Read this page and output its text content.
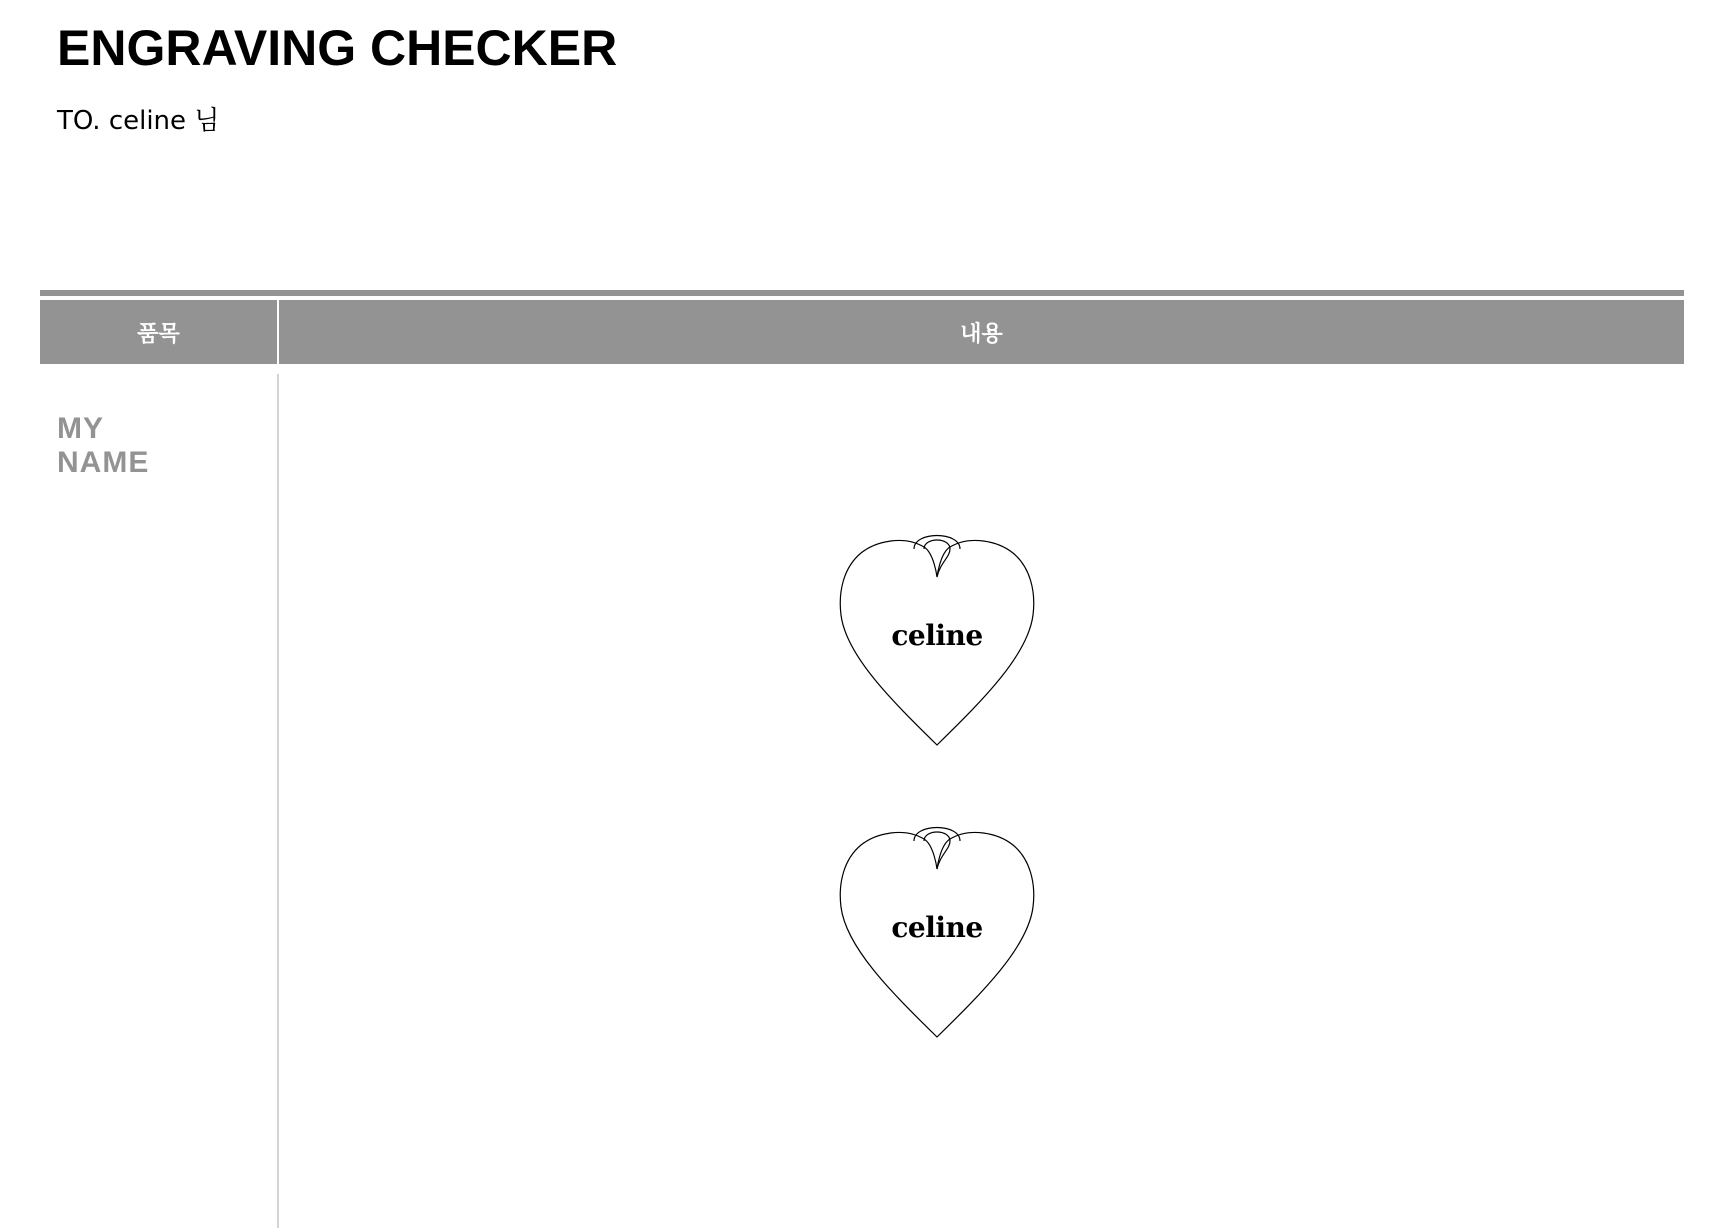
ENGRAVING CHECKER
TO. celine 님
품목	내용
MY
NAME
celine
celine
